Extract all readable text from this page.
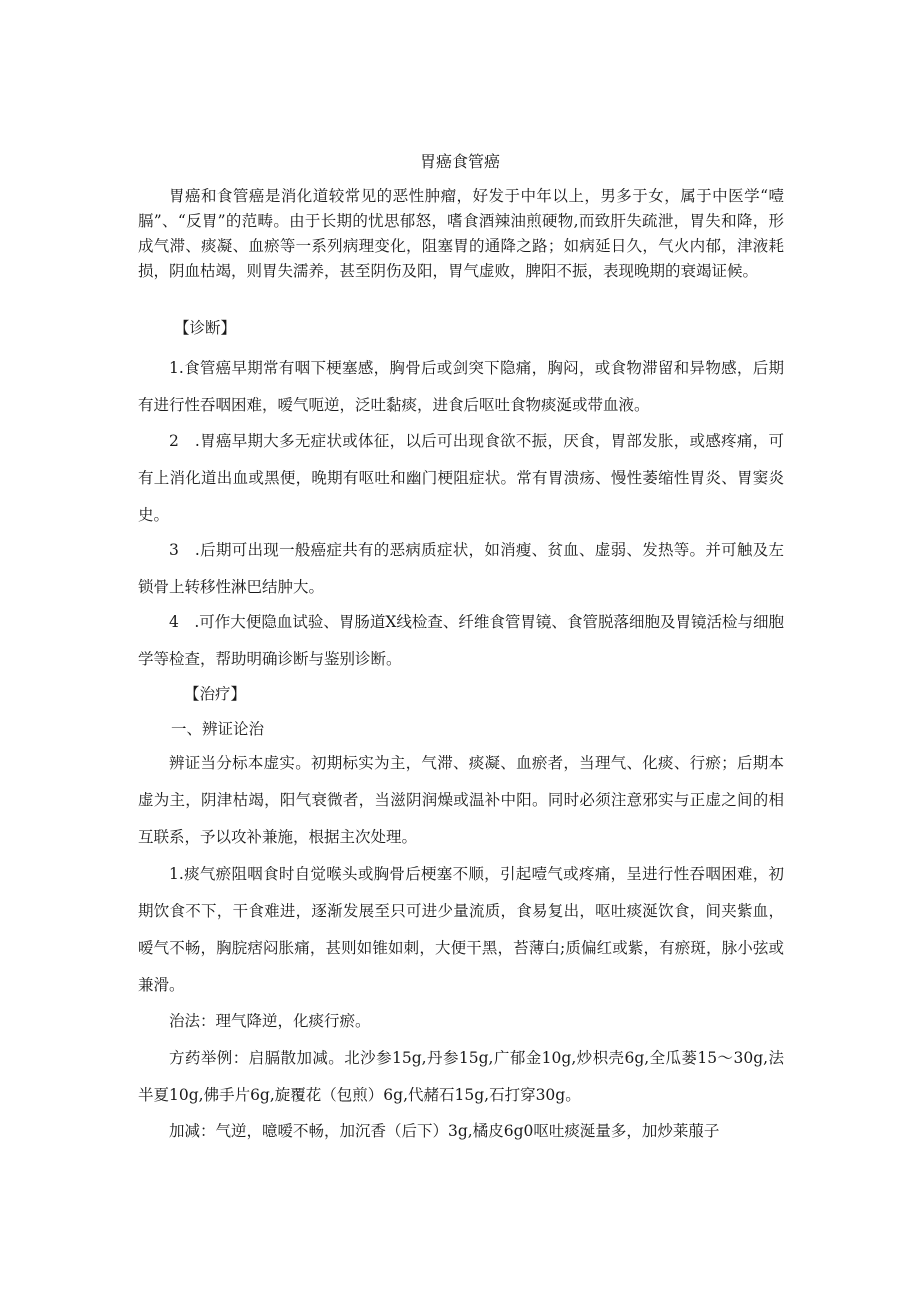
胃癌食管癌

胃癌和食管癌是消化道较常见的恶性肿瘤，好发于中年以上，男多于女，属于中医学“噎膈”、“反胃”的范畴。由于长期的忧思郁怒，嗜食酒辣油煎硬物,而致肝失疏泄，胃失和降，形成气滞、痰凝、血瘀等一系列病理变化，阻塞胃的通降之路；如病延日久，气火内郁，津液耗损，阴血枯竭，则胃失濡养，甚至阴伤及阳，胃气虚败，脾阳不振，表现晚期的衰竭证候。

【诊断】

1.食管癌早期常有咽下梗塞感，胸骨后或剑突下隐痛，胸闷，或食物滞留和异物感，后期有进行性吞咽困难，嗳气呃逆，泛吐黏痰，进食后呕吐食物痰涎或带血液。

2　.胃癌早期大多无症状或体征，以后可出现食欲不振，厌食，胃部发胀，或感疼痛，可有上消化道出血或黑便，晚期有呕吐和幽门梗阻症状。常有胃溃疡、慢性萎缩性胃炎、胃窦炎史。

3　.后期可出现一般癌症共有的恶病质症状，如消瘦、贫血、虚弱、发热等。并可触及左锁骨上转移性淋巴结肿大。

4　.可作大便隐血试验、胃肠道X线检查、纤维食管胃镜、食管脱落细胞及胃镜活检与细胞学等检查，帮助明确诊断与鉴别诊断。

【治疗】
一、辨证论治

辨证当分标本虚实。初期标实为主，气滞、痰凝、血瘀者，当理气、化痰、行瘀；后期本虚为主，阴津枯竭，阳气衰微者，当滋阴润燥或温补中阳。同时必须注意邪实与正虚之间的相互联系，予以攻补兼施，根据主次处理。

1.痰气瘀阻咽食时自觉喉头或胸骨后梗塞不顺，引起噎气或疼痛，呈进行性吞咽困难，初期饮食不下，干食难进，逐渐发展至只可进少量流质，食易复出，呕吐痰涎饮食，间夹紫血，嗳气不畅，胸脘痞闷胀痛，甚则如锥如刺，大便干黑，苔薄白;质偏红或紫，有瘀斑，脉小弦或兼滑。

治法：理气降逆，化痰行瘀。

方药举例：启膈散加减。北沙参15g,丹参15g,广郁金10g,炒枳壳6g,全瓜蒌15～30g,法半夏10g,佛手片6g,旋覆花（包煎）6g,代赭石15g,石打穿30g。

加减：气逆，噫嗳不畅，加沉香（后下）3g,橘皮6g0呕吐痰涎量多，加炒莱菔子
